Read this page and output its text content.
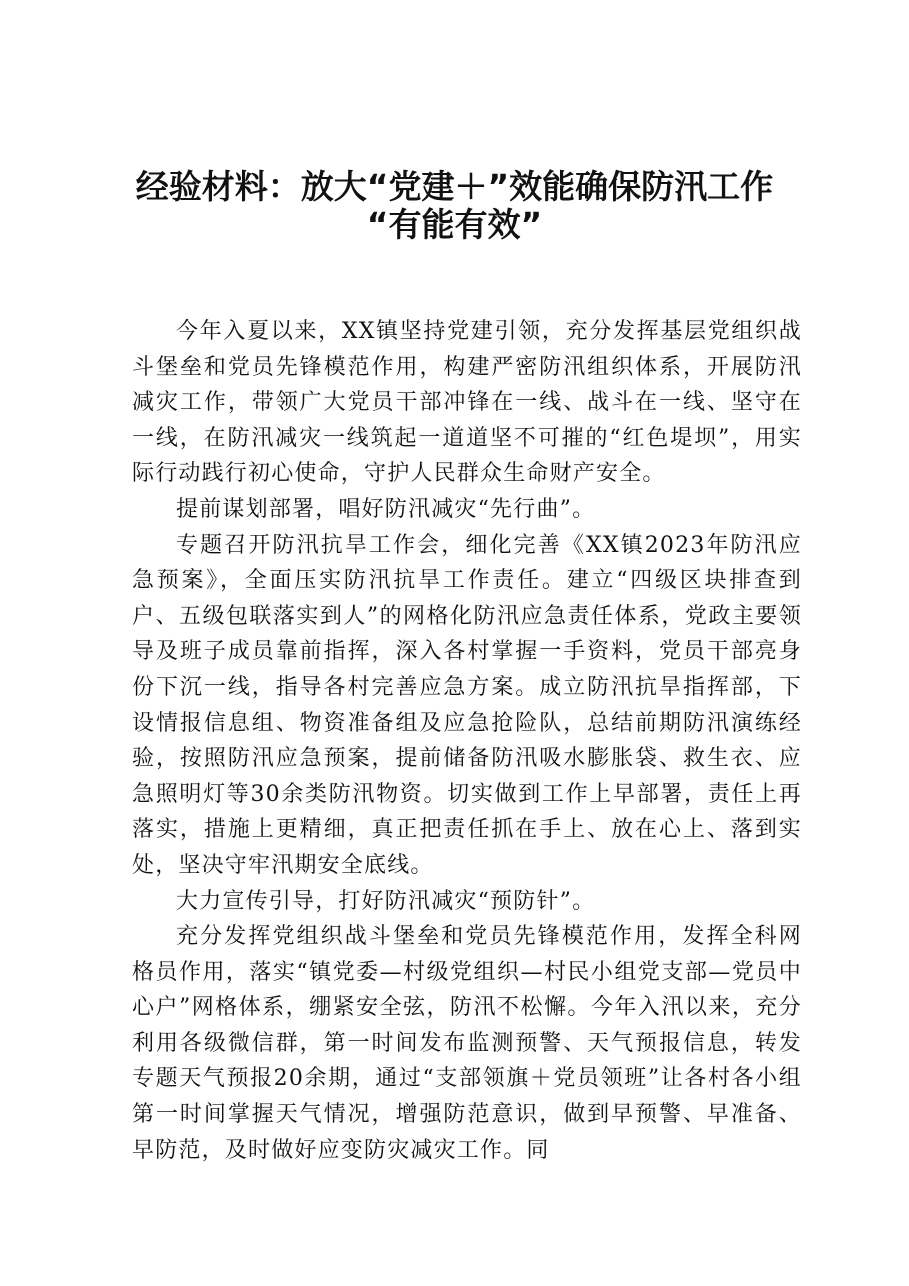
经验材料：放大“党建＋”效能确保防汛工作
“有能有效”

今年入夏以来，XX镇坚持党建引领，充分发挥基层党组织战斗堡垒和党员先锋模范作用，构建严密防汛组织体系，开展防汛减灾工作，带领广大党员干部冲锋在一线、战斗在一线、坚守在一线，在防汛减灾一线筑起一道道坚不可摧的“红色堤坝”，用实际行动践行初心使命，守护人民群众生命财产安全。

提前谋划部署，唱好防汛减灾“先行曲”。

专题召开防汛抗旱工作会，细化完善《XX镇2023年防汛应急预案》，全面压实防汛抗旱工作责任。建立“四级区块排查到户、五级包联落实到人”的网格化防汛应急责任体系，党政主要领导及班子成员靠前指挥，深入各村掌握一手资料，党员干部亮身份下沉一线，指导各村完善应急方案。成立防汛抗旱指挥部，下设情报信息组、物资准备组及应急抢险队，总结前期防汛演练经验，按照防汛应急预案，提前储备防汛吸水膨胀袋、救生衣、应急照明灯等30余类防汛物资。切实做到工作上早部署，责任上再落实，措施上更精细，真正把责任抓在手上、放在心上、落到实处，坚决守牢汛期安全底线。

大力宣传引导，打好防汛减灾“预防针”。

充分发挥党组织战斗堡垒和党员先锋模范作用，发挥全科网格员作用，落实“镇党委—村级党组织—村民小组党支部—党员中心户”网格体系，绷紧安全弦，防汛不松懈。今年入汛以来，充分利用各级微信群，第一时间发布监测预警、天气预报信息，转发专题天气预报20余期，通过“支部领旗＋党员领班”让各村各小组第一时间掌握天气情况，增强防范意识，做到早预警、早准备、早防范，及时做好应变防灾减灾工作。同
